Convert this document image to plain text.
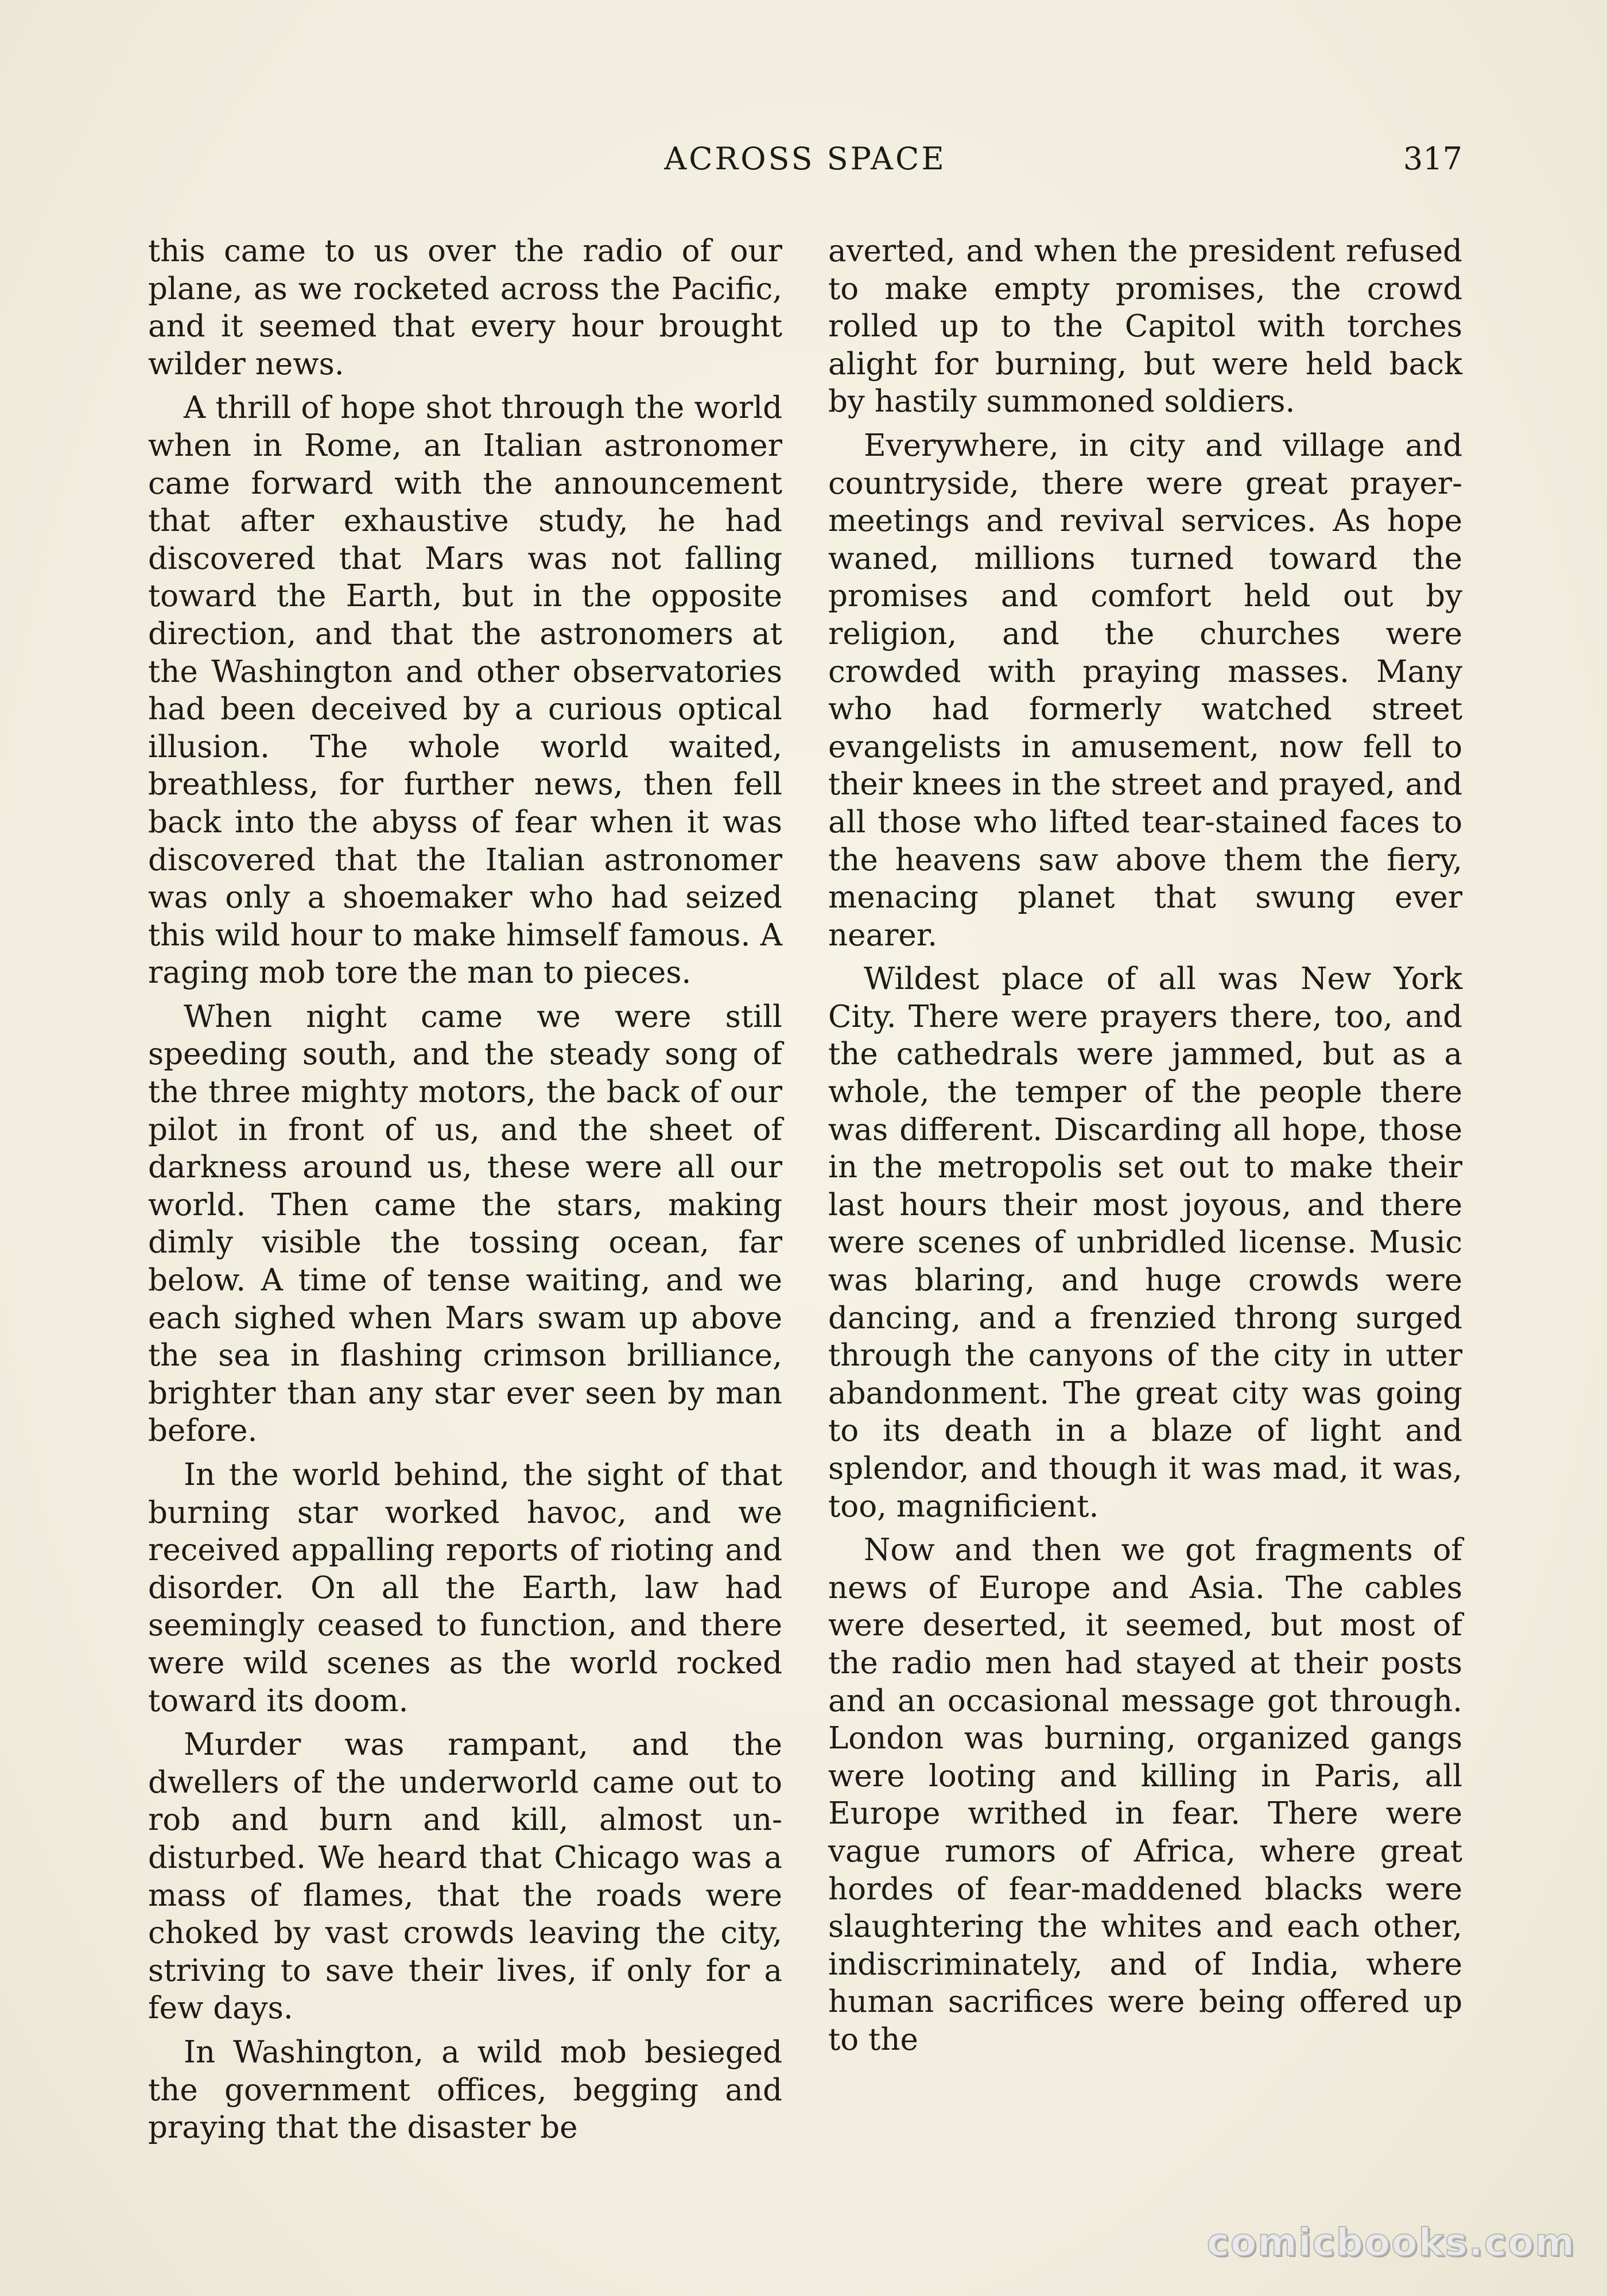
ACROSS SPACE	317

this came to us over the radio of our plane, as we rocketed across the Pacific, and it seemed that every hour brought wilder news.

A thrill of hope shot through the world when in Rome, an Italian astronomer came forward with the announcement that after exhaustive study, he had discovered that Mars was not falling toward the Earth, but in the opposite direction, and that the astronomers at the Washington and other observatories had been deceived by a curious optical illusion. The whole world waited, breathless, for further news, then fell back into the abyss of fear when it was discovered that the Italian astronomer was only a shoemaker who had seized this wild hour to make himself famous. A raging mob tore the man to pieces.

When night came we were still speeding south, and the steady song of the three mighty motors, the back of our pilot in front of us, and the sheet of darkness around us, these were all our world. Then came the stars, making dimly visible the tossing ocean, far below. A time of tense waiting, and we each sighed when Mars swam up above the sea in flashing crimson brilliance, brighter than any star ever seen by man before.

In the world behind, the sight of that burning star worked havoc, and we received appalling reports of rioting and disorder. On all the Earth, law had seemingly ceased to function, and there were wild scenes as the world rocked toward its doom.

Murder was rampant, and the dwellers of the underworld came out to rob and burn and kill, almost undisturbed. We heard that Chicago was a mass of flames, that the roads were choked by vast crowds leaving the city, striving to save their lives, if only for a few days.

In Washington, a wild mob besieged the government offices, begging and praying that the disaster be

averted, and when the president refused to make empty promises, the crowd rolled up to the Capitol with torches alight for burning, but were held back by hastily summoned soldiers.

Everywhere, in city and village and countryside, there were great prayer-meetings and revival services. As hope waned, millions turned toward the promises and comfort held out by religion, and the churches were crowded with praying masses. Many who had formerly watched street evangelists in amusement, now fell to their knees in the street and prayed, and all those who lifted tear-stained faces to the heavens saw above them the fiery, menacing planet that swung ever nearer.

Wildest place of all was New York City. There were prayers there, too, and the cathedrals were jammed, but as a whole, the temper of the people there was different. Discarding all hope, those in the metropolis set out to make their last hours their most joyous, and there were scenes of unbridled license. Music was blaring, and huge crowds were dancing, and a frenzied throng surged through the canyons of the city in utter abandonment. The great city was going to its death in a blaze of light and splendor, and though it was mad, it was, too, magnificient.

Now and then we got fragments of news of Europe and Asia. The cables were deserted, it seemed, but most of the radio men had stayed at their posts and an occasional message got through. London was burning, organized gangs were looting and killing in Paris, all Europe writhed in fear. There were vague rumors of Africa, where great hordes of fear-maddened blacks were slaughtering the whites and each other, indiscriminately, and of India, where human sacrifices were being offered up to the

comicbooks.com
